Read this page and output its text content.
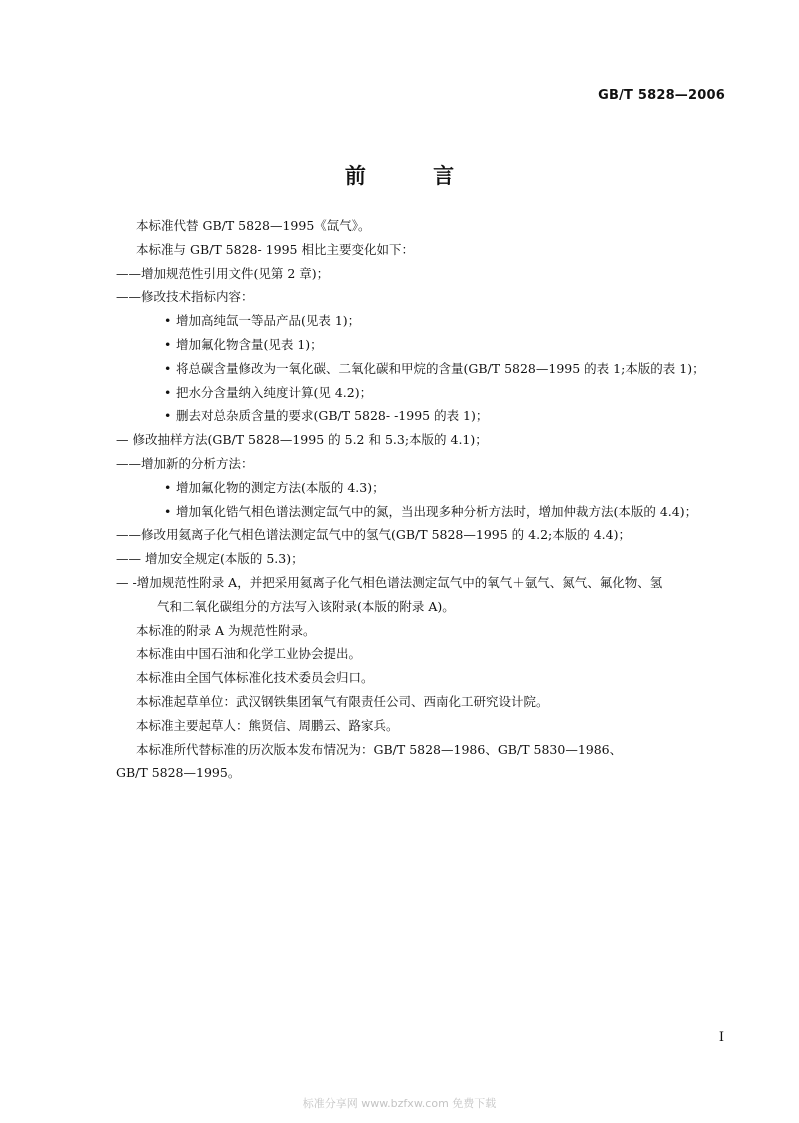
GB/T 5828—2006
前 言

本标准代替 GB/T 5828—1995《氙气》。

本标准与 GB/T 5828- 1995 相比主要变化如下：

——增加规范性引用文件(见第 2 章)；

——修改技术指标内容：

• 增加高纯氙一等品产品(见表 1)；

• 增加氟化物含量(见表 1)；

• 将总碳含量修改为一氧化碳、二氧化碳和甲烷的含量(GB/T 5828—1995 的表 1;本版的表 1)；

• 把水分含量纳入纯度计算(见 4.2)；

• 删去对总杂质含量的要求(GB/T 5828- -1995 的表 1)；

— 修改抽样方法(GB/T 5828—1995 的 5.2 和 5.3;本版的 4.1)；

——增加新的分析方法：

• 增加氟化物的测定方法(本版的 4.3)；

• 增加氧化锆气相色谱法测定氙气中的氮，当出现多种分析方法时，增加仲裁方法(本版的 4.4)；

——修改用氦离子化气相色谱法测定氙气中的氢气(GB/T 5828—1995 的 4.2;本版的 4.4)；

—— 增加安全规定(本版的 5.3)；

— -增加规范性附录 A，并把采用氦离子化气相色谱法测定氙气中的氧气＋氩气、氮气、氟化物、氢

气和二氧化碳组分的方法写入该附录(本版的附录 A)。

本标准的附录 A 为规范性附录。

本标准由中国石油和化学工业协会提出。

本标准由全国气体标准化技术委员会归口。

本标准起草单位：武汉钢铁集团氧气有限责任公司、西南化工研究设计院。

本标准主要起草人：熊贤信、周鹏云、路家兵。

本标准所代替标准的历次版本发布情况为：GB/T 5828—1986、GB/T 5830—1986、

GB/T 5828—1995。

I
标准分享网 www.bzfxw.com 免费下载
